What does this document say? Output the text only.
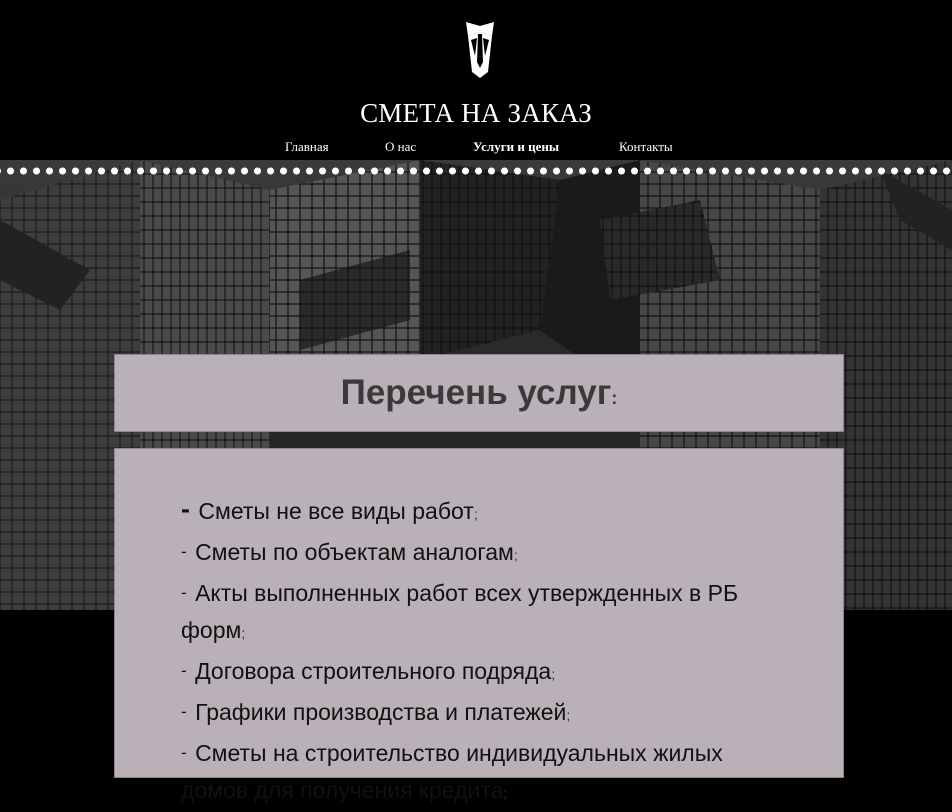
СМЕТА НА ЗАКАЗ
Главная	О нас	Услуги и цены	Контакты
Перечень услуг:
- Сметы не все виды работ;
- Сметы по объектам аналогам;
- Акты выполненных работ всех утвержденных в РБ форм;
- Договора строительного подряда;
- Графики производства и платежей;
- Сметы на строительство индивидуальных жилых домов для получения кредита;
